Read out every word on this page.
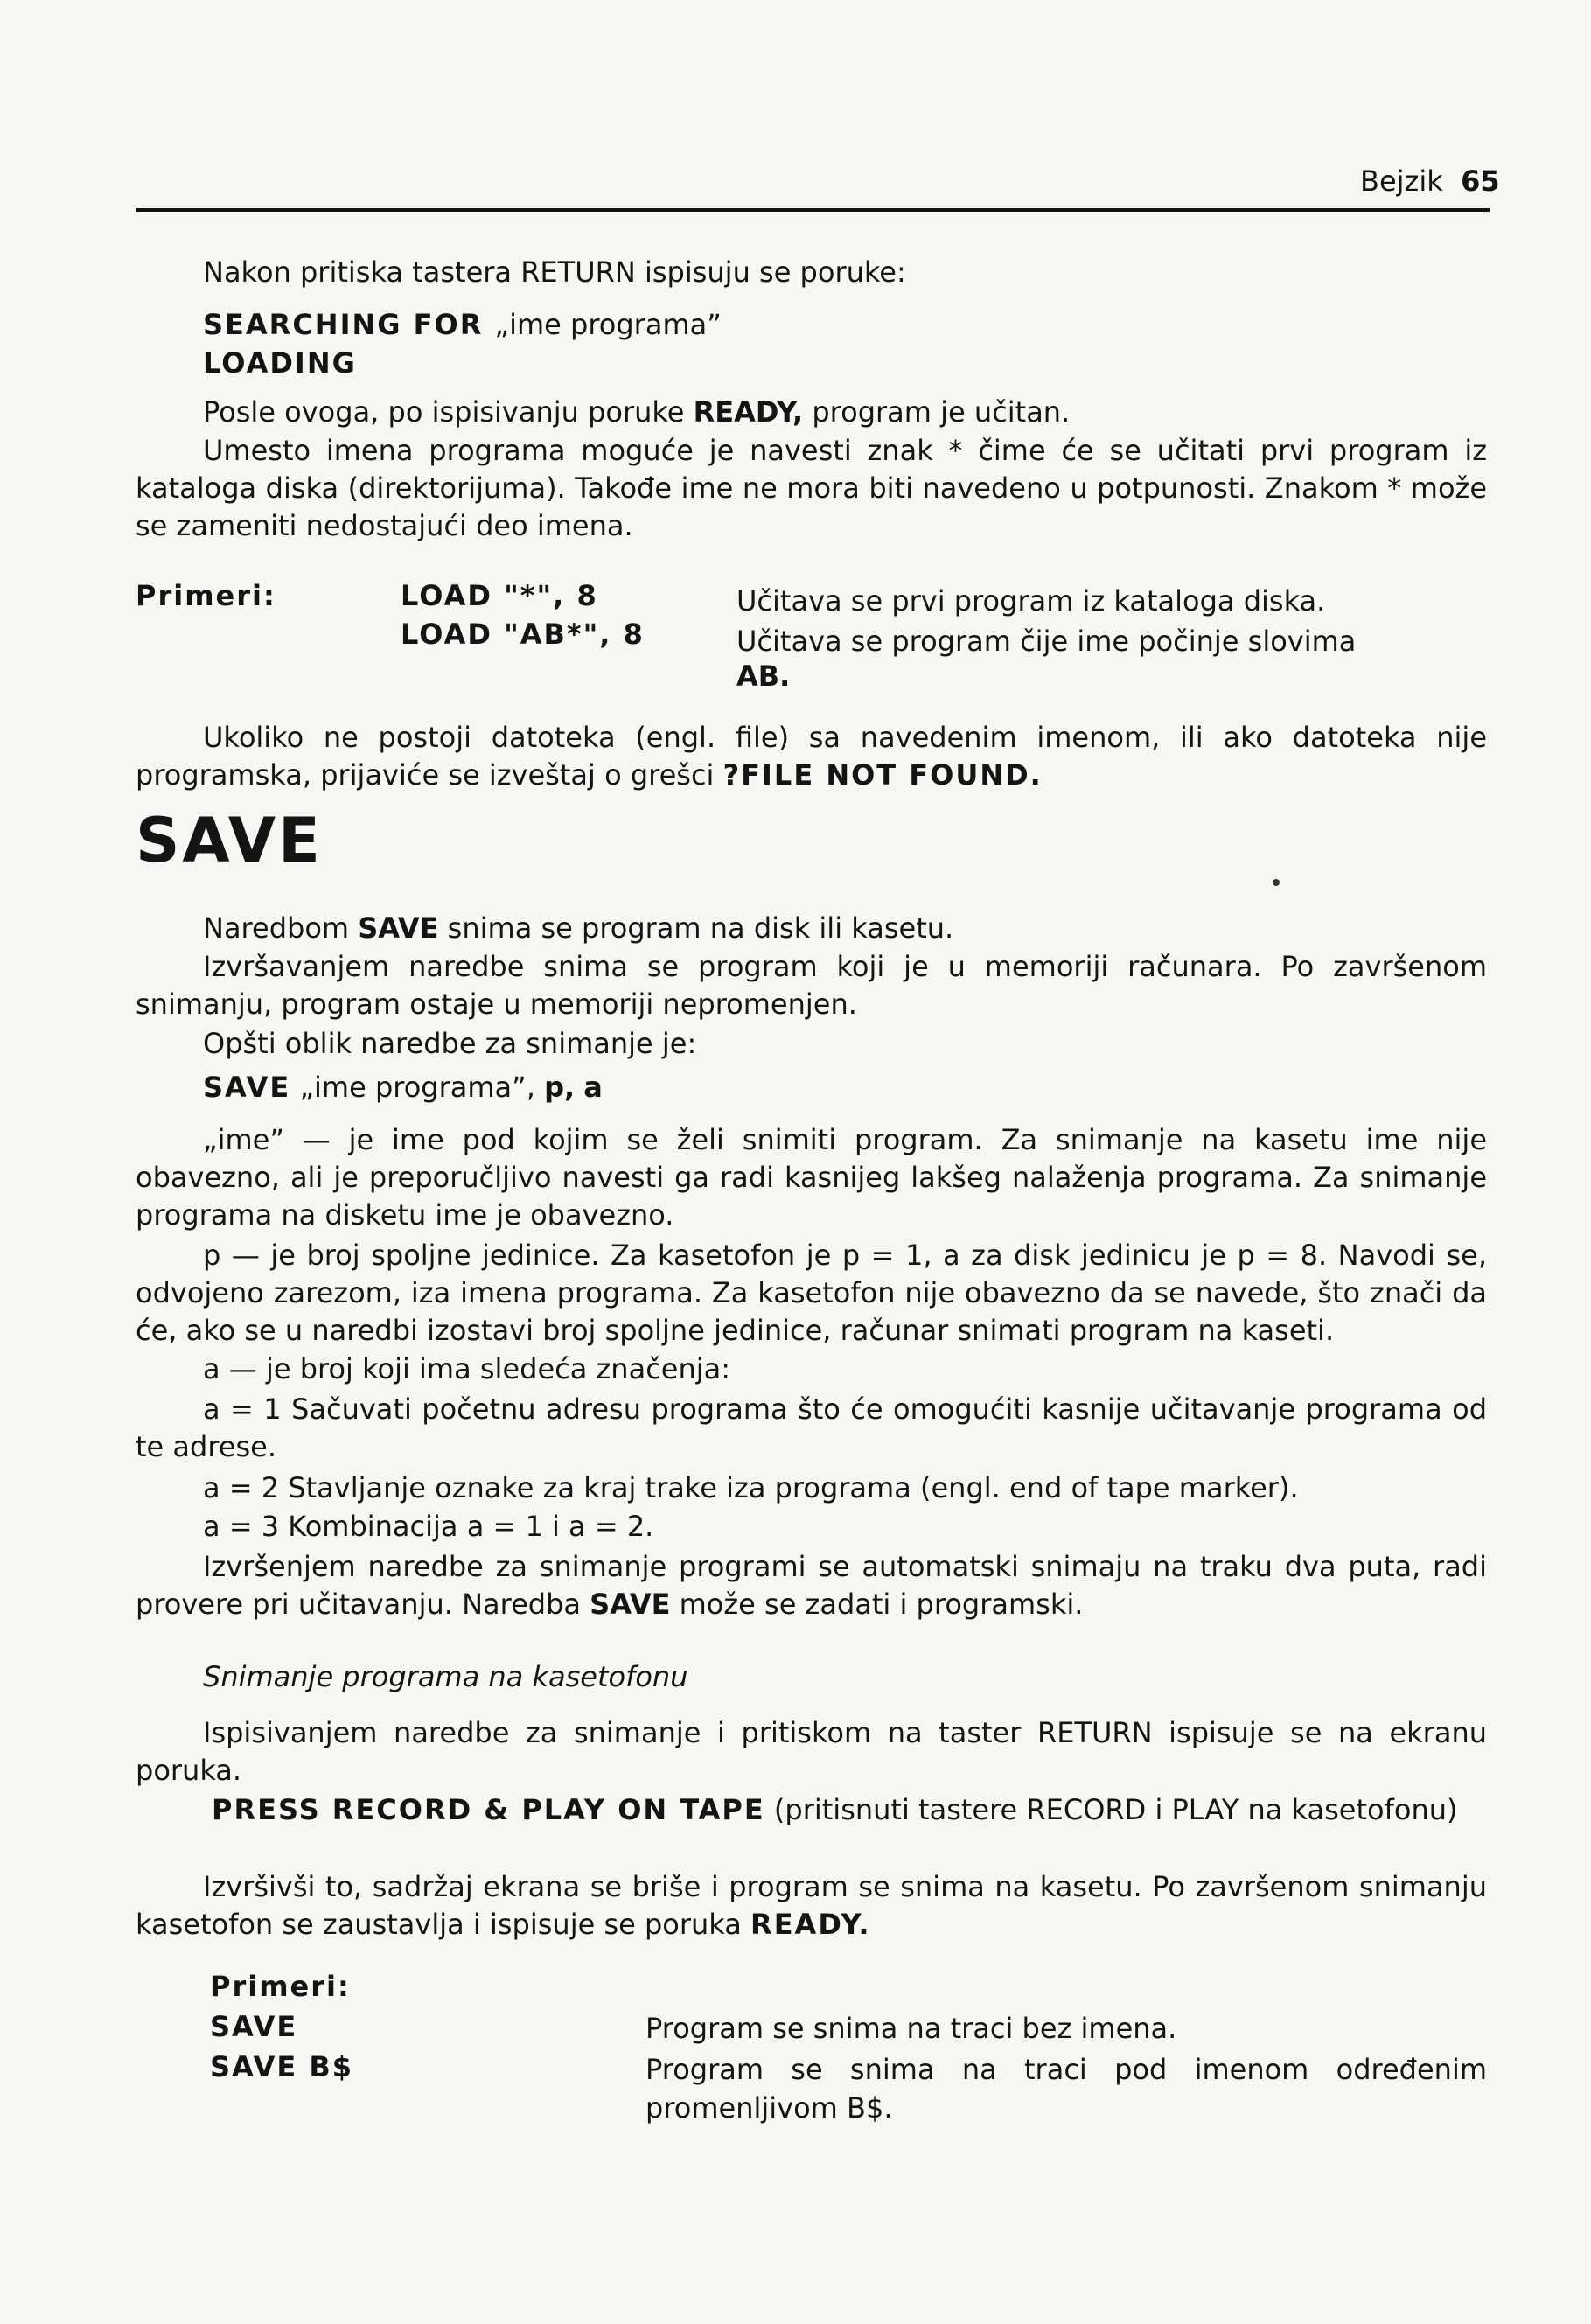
Bejzik 65
Nakon pritiska tastera RETURN ispisuju se poruke:
SEARCHING FOR „ime programa”
LOADING
Posle ovoga, po ispisivanju poruke READY, program je učitan.
Umesto imena programa moguće je navesti znak * čime će se učitati prvi program iz kataloga diska (direktorijuma). Takođe ime ne mora biti navedeno u potpunosti. Znakom * može se zameniti nedostajući deo imena.
Primeri:	LOAD "*", 8	Učitava se prvi program iz kataloga diska.
LOAD "AB*", 8	Učitava se program čije ime počinje slovima
AB.
Ukoliko ne postoji datoteka (engl. file) sa navedenim imenom, ili ako datoteka nije programska, prijaviće se izveštaj o grešci ?FILE NOT FOUND.
SAVE
Naredbom SAVE snima se program na disk ili kasetu.
Izvršavanjem naredbe snima se program koji je u memoriji računara. Po završenom snimanju, program ostaje u memoriji nepromenjen.
Opšti oblik naredbe za snimanje je:
SAVE „ime programa”, p, a
„ime” — je ime pod kojim se želi snimiti program. Za snimanje na kasetu ime nije obavezno, ali je preporučljivo navesti ga radi kasnijeg lakšeg nalaženja programa. Za snimanje programa na disketu ime je obavezno.
p — je broj spoljne jedinice. Za kasetofon je p = 1, a za disk jedinicu je p = 8. Navodi se, odvojeno zarezom, iza imena programa. Za kasetofon nije obavezno da se navede, što znači da će, ako se u naredbi izostavi broj spoljne jedinice, računar snimati program na kaseti.
a — je broj koji ima sledeća značenja:
a = 1 Sačuvati početnu adresu programa što će omogućiti kasnije učitavanje programa od te adrese.
a = 2 Stavljanje oznake za kraj trake iza programa (engl. end of tape marker).
a = 3 Kombinacija a = 1 i a = 2.
Izvršenjem naredbe za snimanje programi se automatski snimaju na traku dva puta, radi provere pri učitavanju. Naredba SAVE može se zadati i programski.
Snimanje programa na kasetofonu
Ispisivanjem naredbe za snimanje i pritiskom na taster RETURN ispisuje se na ekranu poruka.
PRESS RECORD & PLAY ON TAPE (pritisnuti tastere RECORD i PLAY na kasetofonu)
Izvršivši to, sadržaj ekrana se briše i program se snima na kasetu. Po završenom snimanju kasetofon se zaustavlja i ispisuje se poruka READY.
Primeri:
SAVE	Program se snima na traci bez imena.
SAVE B$	Program se snima na traci pod imenom određenim promenljivom B$.
